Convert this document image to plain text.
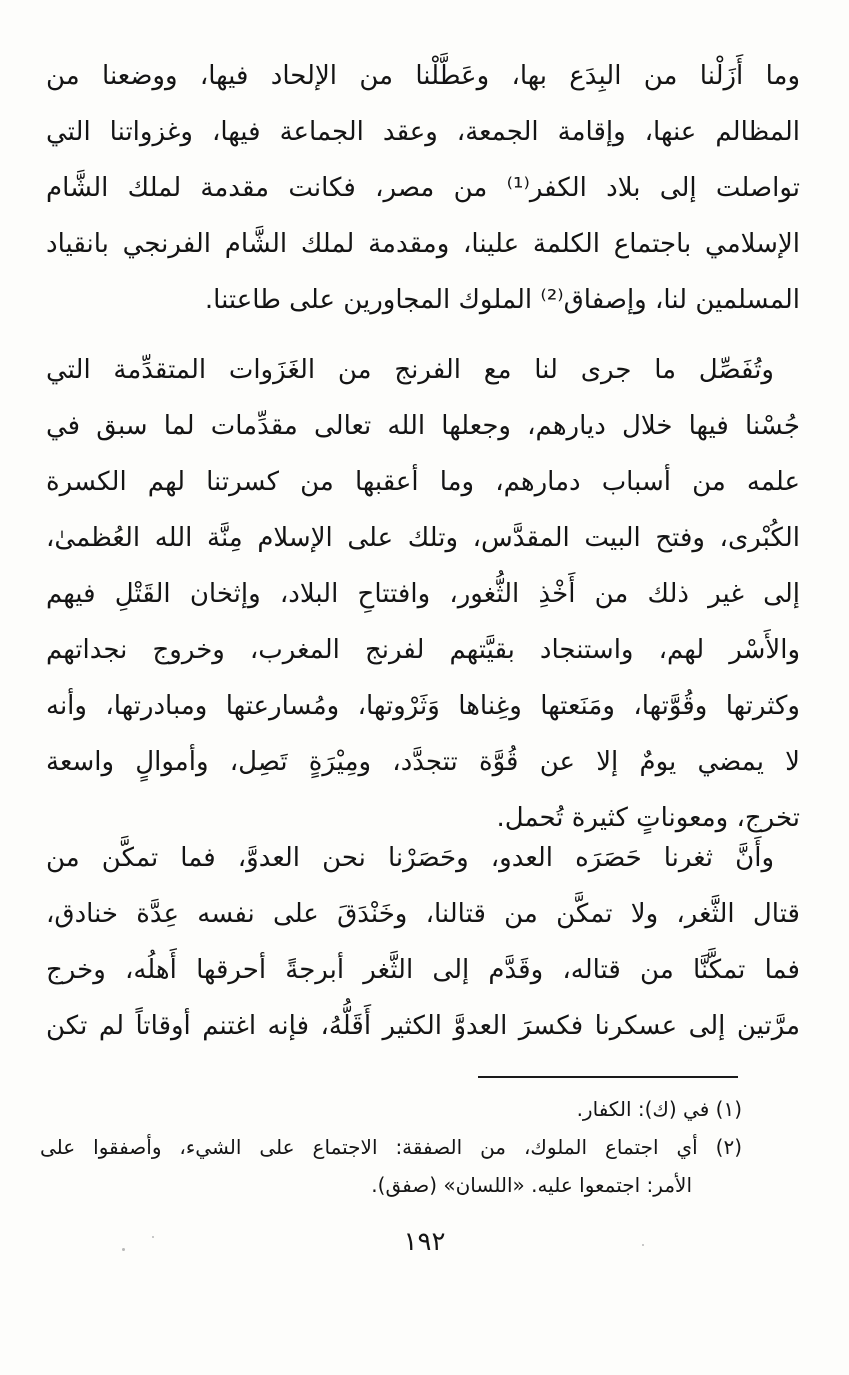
وما أَزَلْنا من البِدَع بها، وعَطَّلْنا من الإلحاد فيها، ووضعنا من
المظالم عنها، وإقامة الجمعة، وعقد الجماعة فيها، وغزواتنا التي
تواصلت إلى بلاد الكفر⁽¹⁾ من مصر، فكانت مقدمة لملك الشَّام
الإسلامي باجتماع الكلمة علينا، ومقدمة لملك الشَّام الفرنجي بانقياد
المسلمين لنا، وإصفاق⁽²⁾ الملوك المجاورين على طاعتنا.
وتُفَصِّل ما جرى لنا مع الفرنج من الغَزَوات المتقدِّمة التي
جُسْنا فيها خلال ديارهم، وجعلها الله تعالى مقدِّمات لما سبق في
علمه من أسباب دمارهم، وما أعقبها من كسرتنا لهم الكسرة
الكُبْرى، وفتح البيت المقدَّس، وتلك على الإسلام مِنَّة الله العُظمىٰ،
إلى غير ذلك من أَخْذِ الثُّغور، وافتتاحِ البلاد، وإثخان القَتْلِ فيهم
والأَسْر لهم، واستنجاد بقيَّتهم لفرنج المغرب، وخروج نجداتهم
وكثرتها وقُوَّتها، ومَنَعتها وغِناها وَثَرْوتها، ومُسارعتها ومبادرتها، وأنه
لا يمضي يومٌ إلا عن قُوَّة تتجدَّد، ومِيْرَةٍ تَصِل، وأموالٍ واسعة
تخرج، ومعوناتٍ كثيرة تُحمل.
وأَنَّ ثغرنا حَصَرَه العدو، وحَصَرْنا نحن العدوَّ، فما تمكَّن من
قتال الثَّغر، ولا تمكَّن من قتالنا، وخَنْدَقَ على نفسه عِدَّة خنادق،
فما تمكَّنَّا من قتاله، وقَدَّم إلى الثَّغر أبرجةً أحرقها أَهلُه، وخرج
مرَّتين إلى عسكرنا فكسرَ العدوَّ الكثير أَقَلُّهُ، فإنه اغتنم أوقاتاً لم تكن
(١) في (ك): الكفار.
(٢) أي اجتماع الملوك، من الصفقة: الاجتماع على الشيء، وأصفقوا على
الأمر: اجتمعوا عليه. «اللسان» (صفق).
١٩٢
